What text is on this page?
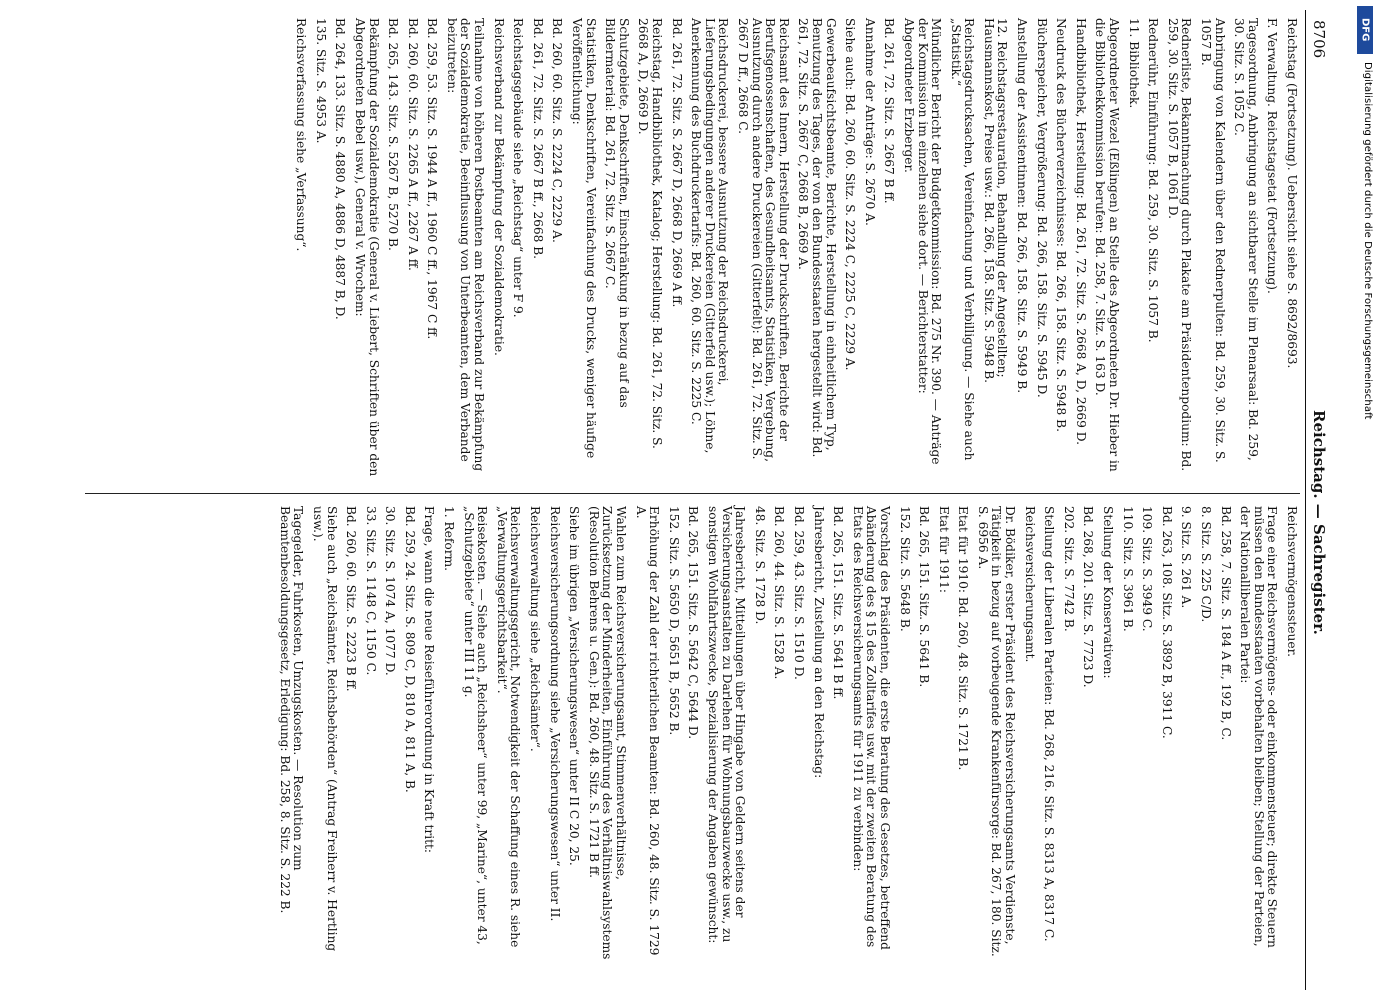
DFG
Digitalisierung gefördert durch die Deutsche Forschungsgemeinschaft
8706
Reichstag. — Sachregister.
Reichstag (Fortsetzung). Uebersicht siehe S. 8692/8693.
F. Verwaltung. Reichstagsetat (Fortsetzung).
Tagesordnung, Anbringung an sichtbarer Stelle im Plenarsaal: Bd. 259, 30. Sitz. S. 1052 C.
Anbringung von Kalendern über den Rednerpulten: Bd. 259, 30. Sitz. S. 1057 B.
Rednerliste, Bekanntmachung durch Plakate am Präsidentenpodium: Bd. 259, 30. Sitz. S. 1057 B, 1061 D.
Rednerühr, Einführung: Bd. 259, 30. Sitz. S. 1057 B.
11. Bibliothek.
Abgeordneter Wezel (Eßlingen) an Stelle des Abgeordneten Dr. Hieber in die Bibliothekkommission berufen: Bd. 258, 7. Sitz. S. 163 D.
Handbibliothek, Herstellung: Bd. 261, 72. Sitz. S. 2668 A, D, 2669 D.
Neudruck des Bücherverzeichnisses: Bd. 266, 158. Sitz. S. 5948 B.
Bücherspeicher, Vergrößerung: Bd. 266, 158. Sitz. S. 5945 D.
Anstellung der Assistentinnen: Bd. 266, 158. Sitz. S. 5949 B.
12. Reichstagsrestauration, Behandlung der Angestellten; Hausmannskost, Preise usw.: Bd. 266, 158. Sitz. S. 5948 B.
Reichstagsdrucksachen, Vereinfachung und Verbilligung. — Siehe auch „Statistik.“
Mündlicher Bericht der Budgetkommission: Bd. 275 Nr. 390. — Anträge der Kommission im einzelnen siehe dort. — Berichterstatter: Abgeordneter Erzberger.
Bd. 261, 72. Sitz. S. 2667 B ff.
Annahme der Anträge: S. 2670 A.
Siehe auch: Bd. 260, 60. Sitz. S. 2224 C, 2225 C, 2229 A.
Gewerbeaufsichtsbeamte, Berichte, Herstellung in einheitlichem Typ, Benutzung des Tages, der von den Bundesstaaten hergestellt wird: Bd. 261, 72. Sitz. S. 2667 C, 2668 B, 2669 A.
Reichsamt des Innern, Herstellung der Druckschriften, Berichte der Berufsgenossenschaften, des Gesundheitsamts, Statistiken, Vergebung, Ausnutzung durch andere Druckereien (Gitterfelt): Bd. 261, 72. Sitz. S. 2667 D ff., 2668 C.
Reichsdruckerei, bessere Ausnutzung der Reichsdruckerei, Lieferungsbedingungen anderer Druckereien (Gitterfeld usw.); Löhne, Anerkennung des Buchdruckertarifs: Bd. 260, 60. Sitz. S. 2225 C.
Bd. 261, 72. Sitz. S. 2667 D, 2668 D, 2669 A ff.
Reichstag, Handbibliothek, Katalog; Herstellung: Bd. 261, 72. Sitz. S. 2668 A, D, 2669 D.
Schutzgebiete, Denkschriften, Einschränkung in bezug auf das Bildermaterial: Bd. 261, 72. Sitz. S. 2667 C.
Statistiken, Denkschriften, Vereinfachung des Drucks, weniger häufige Veröffentlichung:
Bd. 260, 60. Sitz. S. 2224 C, 2229 A.
Bd. 261, 72. Sitz. S. 2667 B ff., 2668 B.
Reichstagsgebäude siehe „Reichstag“ unter F 9.
Reichsverband zur Bekämpfung der Sozialdemokratie.
Teilnahme von höheren Postbeamten am Reichsverband zur Bekämpfung der Sozialdemokratie, Beeinflussung von Unterbeamten, dem Verbande beizutreten:
Bd. 259, 53. Sitz. S. 1944 A ff., 1960 C ff., 1967 C ff.
Bd. 260, 60. Sitz. S. 2265 A ff., 2267 A ff.
Bd. 265, 143. Sitz. S. 5267 B, 5270 B.
Bekämpfung der Sozialdemokratie (General v. Liebert, Schriften über den Abgeordneten Bebel usw.), General v. Wrochem:
Bd. 264, 133. Sitz. S. 4880 A, 4886 D, 4887 B, D.
135. Sitz. S. 4953 A.
Reichsverfassung siehe „Verfassung“.
Reichsvermögenssteuer.
Frage einer Reichsvermögens- oder einkommensteuer; direkte Steuern müssen den Bundesstaaten vorbehalten bleiben; Stellung der Parteien, der Nationalliberalen Partei:
Bd. 258, 7. Sitz. S. 184 A ff., 192 B, C.
8. Sitz. S. 225 C/D.
9. Sitz. S. 261 A.
Bd. 263, 108. Sitz. S. 3892 B, 3911 C.
109. Sitz. S. 3949 C.
110. Sitz. S. 3961 B.
Stellung der Konservativen:
Bd. 268, 201. Sitz. S. 7723 D.
202. Sitz. S. 7742 B.
Stellung der Liberalen Parteien: Bd. 268, 216. Sitz. S. 8313 A, 8317 C.
Reichsversicherungsamt.
Dr. Bödiker, erster Präsident des Reichsversicherungsamts Verdienste, Tätigkeit in bezug auf vorbeugende Krankenfürsorge: Bd. 267, 180. Sitz. S. 6956 A.
Etat für 1910: Bd. 260, 48. Sitz. S. 1721 B.
Etat für 1911:
Bd. 265, 151. Sitz. S. 5641 B.
152. Sitz. S. 5648 B.
Vorschlag des Präsidenten, die erste Beratung des Gesetzes, betreffend Abänderung des § 15 des Zolltarifes usw. mit der zweiten Beratung des Etats des Reichsversicherungsamts für 1911 zu verbinden:
Bd. 265, 151. Sitz. S. 5641 B ff.
Jahresbericht, Zustellung an den Reichstag:
Bd. 259, 43. Sitz. S. 1510 D.
Bd. 260, 44. Sitz. S. 1528 A.
48. Sitz. S. 1728 D.
Jahresbericht, Mitteilungen über Hingabe von Geldern seitens der Versicherungsanstalten zu Darlehen für Wohnungsbauzwecke usw., zu sonstigen Wohlfahrtszwecke, Spezialisierung der Angaben gewünscht:
Bd. 265, 151. Sitz. S. 5642 C, 5644 D.
152. Sitz. S. 5650 D, 5651 B, 5652 B.
Erhöhung der Zahl der richterlichen Beamten: Bd. 260, 48. Sitz. S. 1729 A.
Wahlen zum Reichsversicherungsamt, Stimmenverhältnisse, Zurücksetzung der Minderheiten, Einführung des Verhältniswahlsystems (Resolution Behrens u. Gen.): Bd. 260, 48. Sitz. S. 1721 B ff.
Siehe im übrigen „Versicherungswesen“ unter II C 20, 25.
Reichsversicherungsordnung siehe „Versicherungswesen“ unter II.
Reichsverwaltung siehe „Reichsämter“.
Reichsverwaltungsgericht, Notwendigkeit der Schaffung eines R. siehe „Verwaltungsgerichtsbarkeit“.
Reisekosten. — Siehe auch „Reichsheer“ unter 99, „Marine“, unter 43, „Schutzgebiete“ unter III 11 g.
1. Reform.
Frage, wann die neue Reiseführerordnung in Kraft tritt:
Bd. 259, 24. Sitz. S. 809 C, D, 810 A, 811 A, B.
30. Sitz. S. 1074 A, 1077 D.
33. Sitz. S. 1148 C, 1150 C.
Bd. 260, 60. Sitz. S. 2223 B ff.
Siehe auch „Reichsämter, Reichsbehörden“ (Antrag Freiherr v. Hertling usw.).
Tagegelder, Fuhrkosten, Umzugskosten. — Resolution zum Beamtenbesoldungsgesetz, Erledigung: Bd. 258, 8. Sitz. S. 222 B.
